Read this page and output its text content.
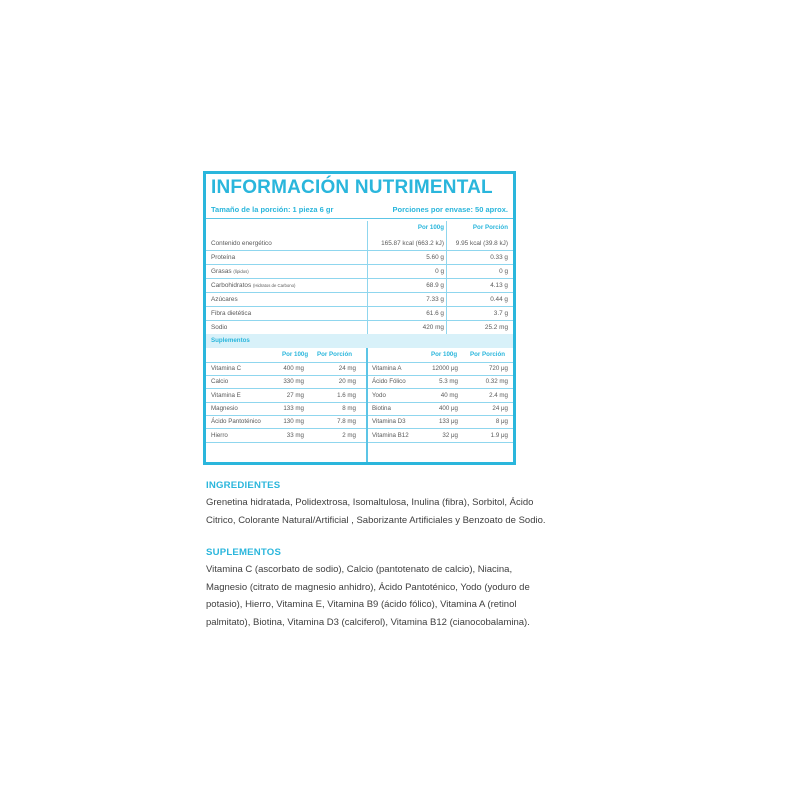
INFORMACIÓN NUTRIMENTAL
Tamaño de la porción: 1 pieza 6 gr	Porciones por envase: 50 aprox.
Por 100g	Por Porción
Contenido energético	165.87 kcal (663.2 kJ) 9.95 kcal (39.8 kJ)
Proteína	5.60 g	0.33 g
Grasas (lípidos)	0 g	0 g
Carbohidratos (Hidratos de Carbono)	68.9 g	4.13 g
Azúcares	7.33 g	0.44 g
Fibra dietética	61.6 g	3.7 g
Sodio	420 mg	25.2 mg
Suplementos
Por 100g Por Porción	Por 100g Por Porción
Vitamina C	400 mg	24 mg
Calcio	330 mg	20 mg
Vitamina E	27 mg	1.6 mg
Magnesio	133 mg	8 mg
Ácido Pantoténico	130 mg	7.8 mg
Hierro	33 mg	2 mg
Vitamina A	12000 μg	720 μg
Ácido Fólico	5.3 mg	0.32 mg
Yodo	40 mg	2.4 mg
Biotina	400 μg	24 μg
Vitamina D3	133 μg	8 μg
Vitamina B12	32 μg	1.9 μg
INGREDIENTES
Grenetina hidratada, Polidextrosa, Isomaltulosa, Inulina (fibra), Sorbitol, Ácido
Citrico, Colorante Natural/Artificial , Saborizante Artificiales y Benzoato de Sodio.
SUPLEMENTOS
Vitamina C (ascorbato de sodio), Calcio (pantotenato de calcio), Niacina,
Magnesio (citrato de magnesio anhidro), Ácido Pantoténico, Yodo (yoduro de
potasio), Hierro, Vitamina E, Vitamina B9 (ácido fólico), Vitamina A (retinol
palmitato), Biotina, Vitamina D3 (calciferol), Vitamina B12 (cianocobalamina).
